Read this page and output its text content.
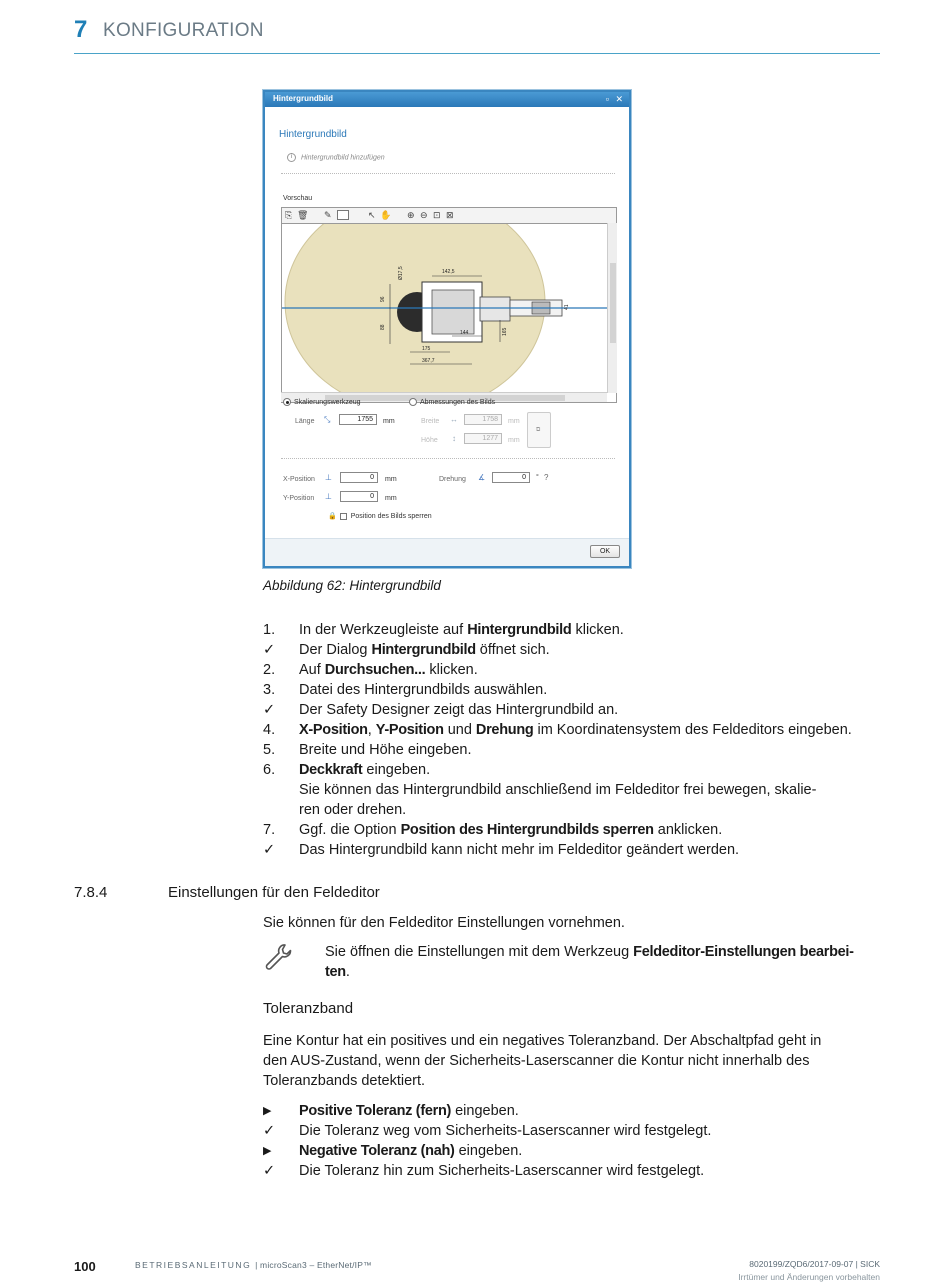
7 KONFIGURATION
Hintergrundbild	▫ ✕
Hintergrundbild
i Hintergrundbild hinzufügen
Vorschau
⎘ 🗑 ✎	↖ ✋ ⊕ ⊖ ⊡ ⊠
142,5
Ø17,5
96
88
144	165
175
367,7
41
Skalierungswerkzeug	Abmessungen des Bilds
Länge ⤡	1755	mm	Breite ↔	1758	mm
Höhe ↕	1277	mm
⧉
X-Position ⊥	0	mm	Drehung ∡	0	° ?
Y-Position ⊥	0	mm
🔒 Position des Bilds sperren
OK
Abbildung 62: Hintergrundbild
1.	In der Werkzeugleiste auf Hintergrundbild klicken.
✓	Der Dialog Hintergrundbild öffnet sich.
2.	Auf Durchsuchen... klicken.
3.	Datei des Hintergrundbilds auswählen.
✓	Der Safety Designer zeigt das Hintergrundbild an.
4.	X-Position, Y-Position und Drehung im Koordinatensystem des Feldeditors eingeben.
5.	Breite und Höhe eingeben.
6.	Deckkraft eingeben.
Sie können das Hintergrundbild anschließend im Feldeditor frei bewegen, skalie-
ren oder drehen.
7.	Ggf. die Option Position des Hintergrundbilds sperren anklicken.
✓	Das Hintergrundbild kann nicht mehr im Feldeditor geändert werden.
7.8.4	Einstellungen für den Feldeditor
Sie können für den Feldeditor Einstellungen vornehmen.
Sie öffnen die Einstellungen mit dem Werkzeug Feldeditor-Einstellungen bearbei-
ten.
Toleranzband
Eine Kontur hat ein positives und ein negatives Toleranzband. Der Abschaltpfad geht in
den AUS-Zustand, wenn der Sicherheits-Laserscanner die Kontur nicht innerhalb des
Toleranzbands detektiert.
▶	Positive Toleranz (fern) eingeben.
✓	Die Toleranz weg vom Sicherheits-Laserscanner wird festgelegt.
▶	Negative Toleranz (nah) eingeben.
✓	Die Toleranz hin zum Sicherheits-Laserscanner wird festgelegt.
100	BETRIEBSANLEITUNG | microScan3 – EtherNet/IP™	8020199/ZQD6/2017-09-07 | SICK
Irrtümer und Änderungen vorbehalten
